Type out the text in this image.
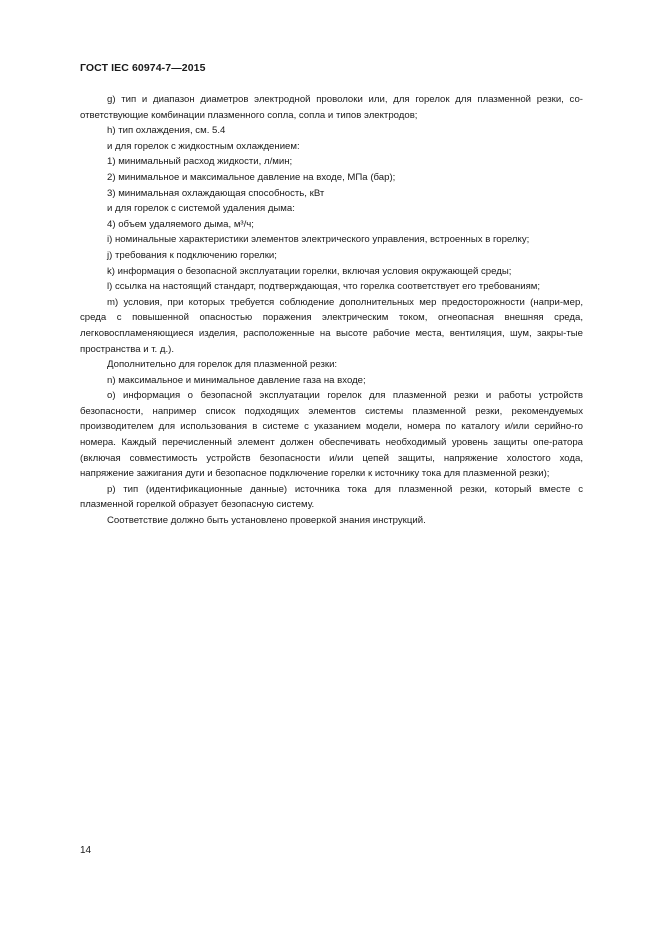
ГОСТ IEC 60974-7—2015

g) тип и диапазон диаметров электродной проволоки или, для горелок для плазменной резки, со-ответствующие комбинации плазменного сопла, сопла и типов электродов;

h) тип охлаждения, см. 5.4

и для горелок с жидкостным охлаждением:

1) минимальный расход жидкости, л/мин;

2) минимальное и максимальное давление на входе, МПа (бар);

3) минимальная охлаждающая способность, кВт

и для горелок с системой удаления дыма:

4) объем удаляемого дыма, м³/ч;

i) номинальные характеристики элементов электрического управления, встроенных в горелку;

j) требования к подключению горелки;

k) информация о безопасной эксплуатации горелки, включая условия окружающей среды;

l) ссылка на настоящий стандарт, подтверждающая, что горелка соответствует его требованиям;

m) условия, при которых требуется соблюдение дополнительных мер предосторожности (напри-мер, среда с повышенной опасностью поражения электрическим током, огнеопасная внешняя среда, легковоспламеняющиеся изделия, расположенные на высоте рабочие места, вентиляция, шум, закры-тые пространства и т. д.).

Дополнительно для горелок для плазменной резки:

n) максимальное и минимальное давление газа на входе;

о) информация о безопасной эксплуатации горелок для плазменной резки и работы устройств безопасности, например список подходящих элементов системы плазменной резки, рекомендуемых производителем для использования в системе с указанием модели, номера по каталогу и/или серийно-го номера. Каждый перечисленный элемент должен обеспечивать необходимый уровень защиты опе-ратора (включая совместимость устройств безопасности и/или цепей защиты, напряжение холостого хода, напряжение зажигания дуги и безопасное подключение горелки к источнику тока для плазменной резки);

р) тип (идентификационные данные) источника тока для плазменной резки, который вместе с плазменной горелкой образует безопасную систему.

Соответствие должно быть установлено проверкой знания инструкций.

14
